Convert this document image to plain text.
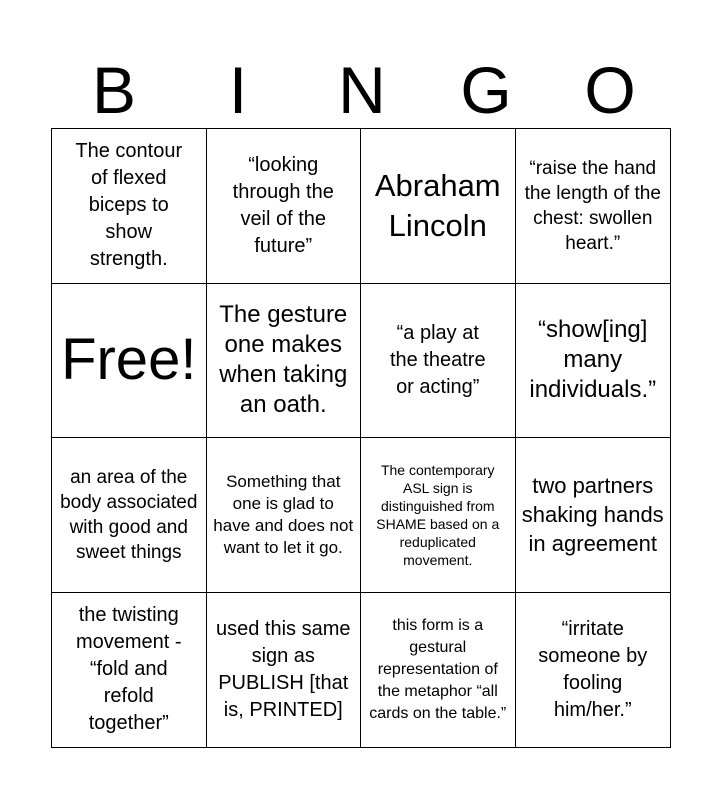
B	I	N	G	O
The contour of flexed biceps to show strength.
“looking through the veil of the future”
Abraham Lincoln
“raise the hand the length of the chest: swollen heart.”
Free!
The gesture one makes when taking an oath.
“a play at the theatre or acting”
“show[ing] many individuals.”
an area of the body associated with good and sweet things
Something that one is glad to have and does not want to let it go.
The contemporary ASL sign is distinguished from SHAME based on a reduplicated movement.
two partners shaking hands in agreement
the twisting movement - “fold and refold together”
used this same sign as PUBLISH [that is, PRINTED]
this form is a gestural representation of the metaphor “all cards on the table.”
“irritate someone by fooling him/her.”
